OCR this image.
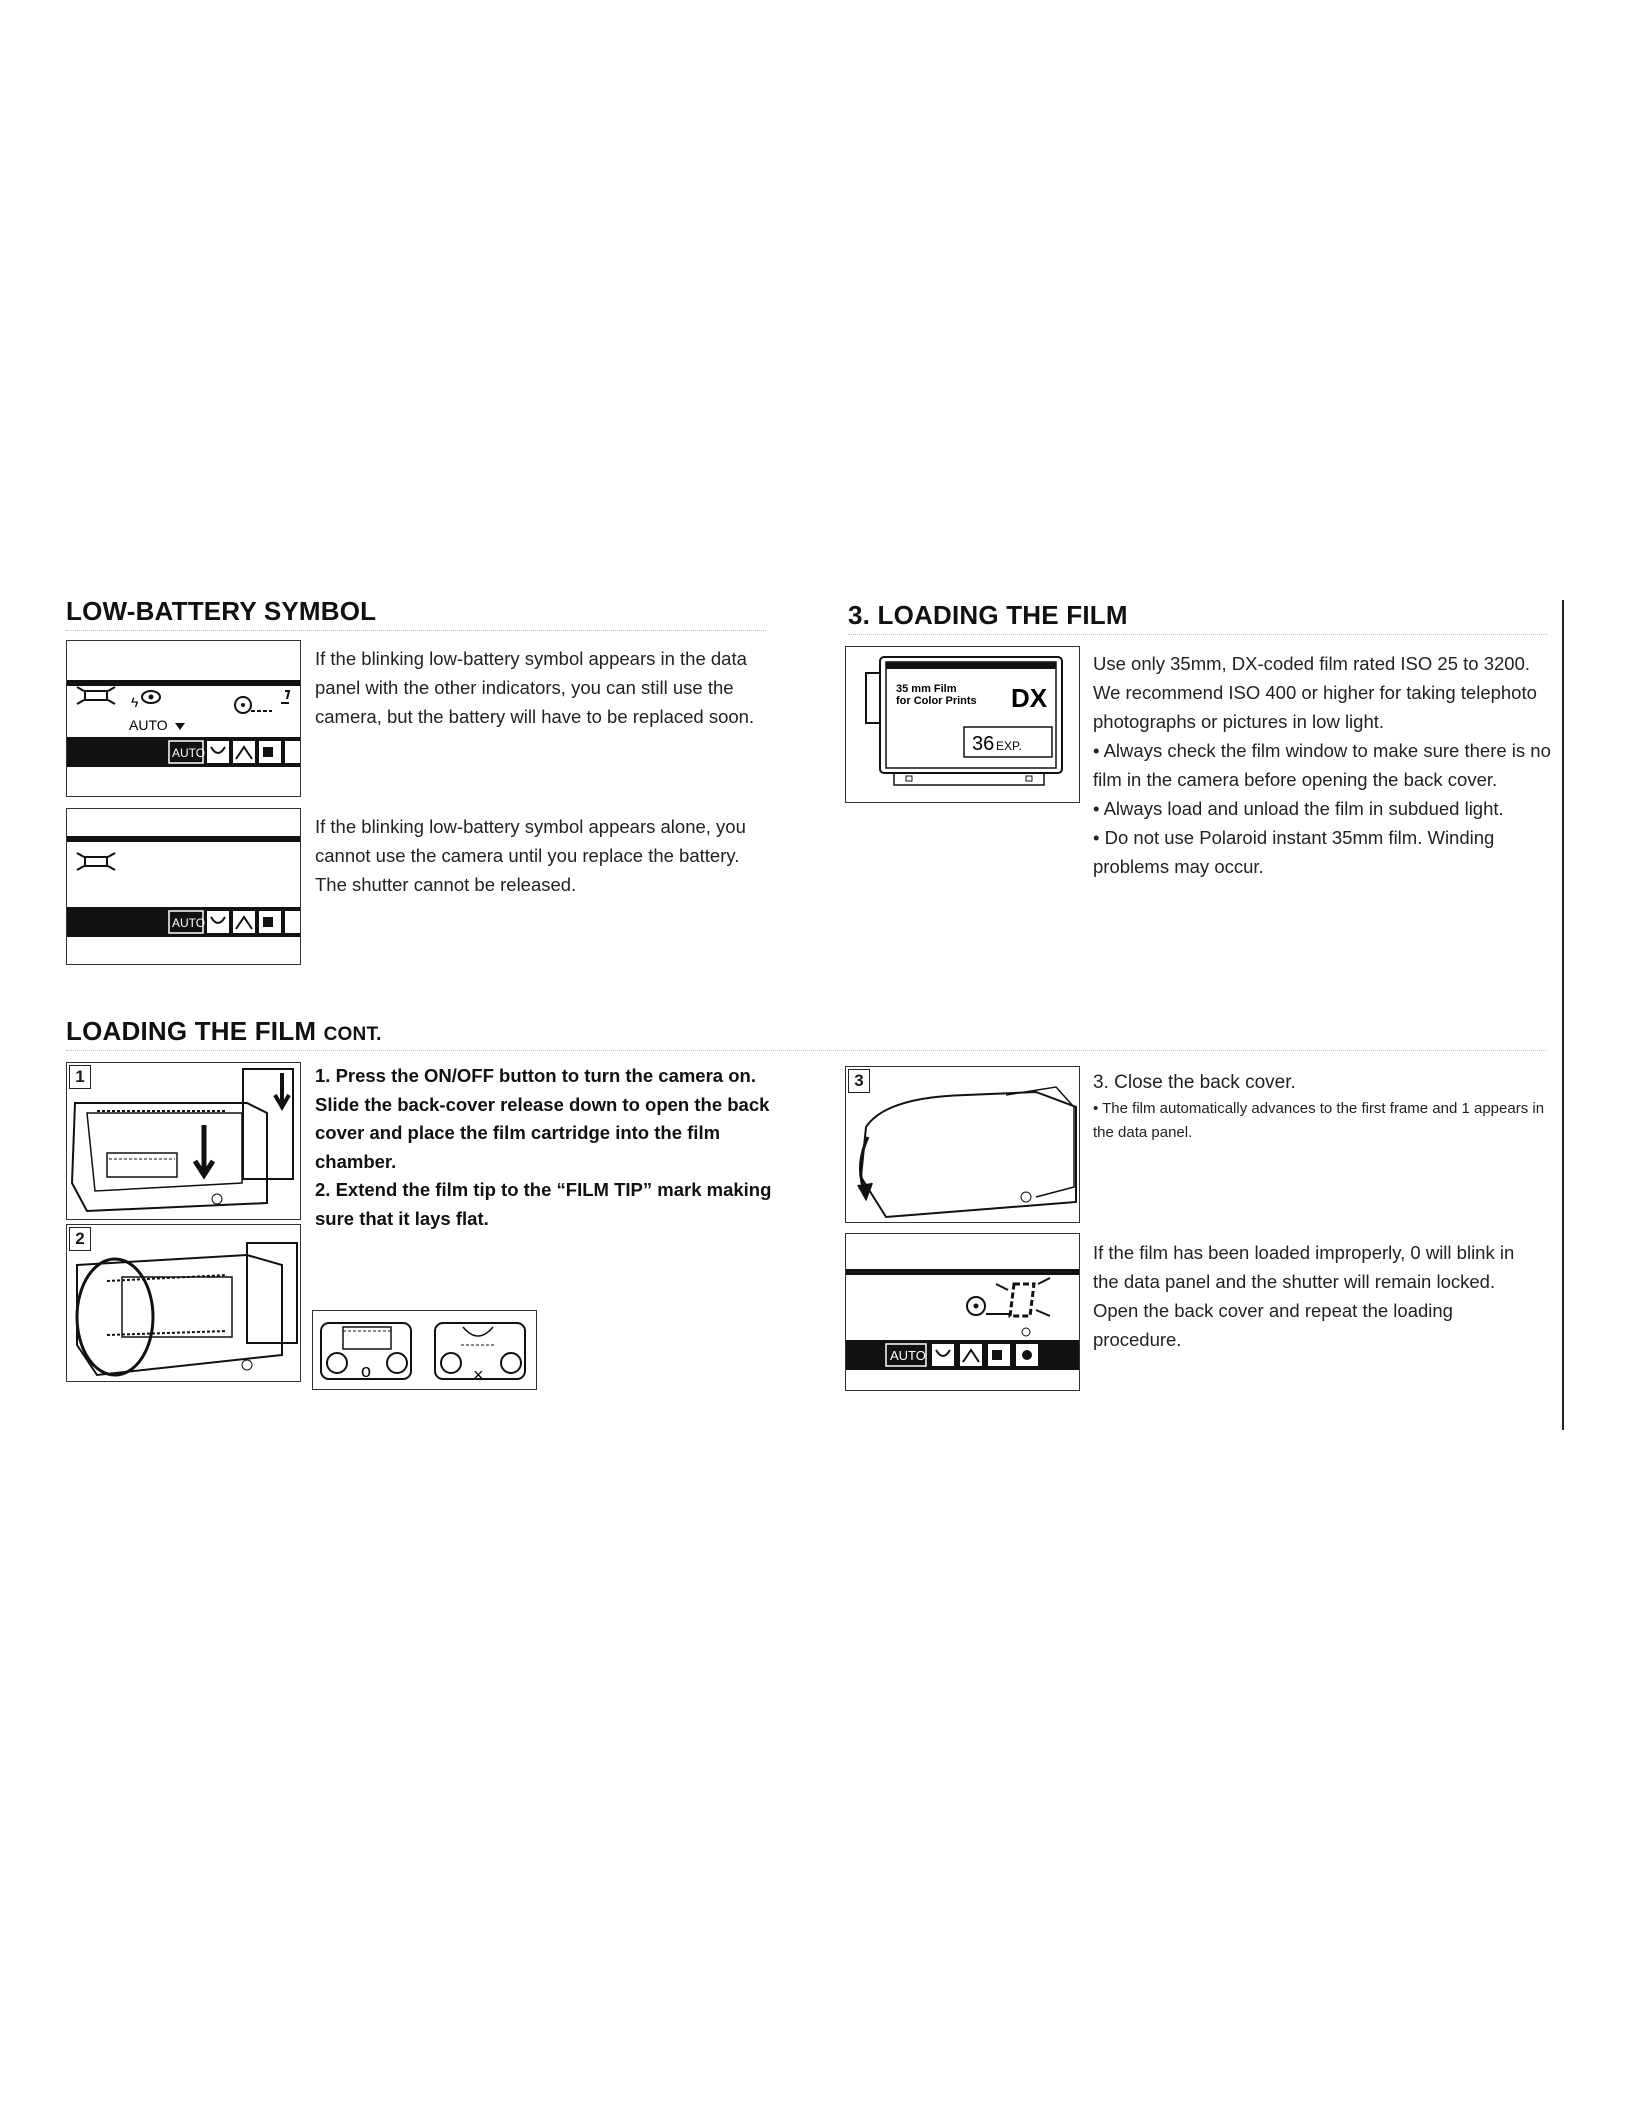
LOW-BATTERY SYMBOL
ϟ
AUTO
AUTO
If the blinking low-battery symbol appears in the data panel with the other indicators, you can still use the camera, but the battery will have to be replaced soon.
AUTO
If the blinking low-battery symbol appears alone, you cannot use the camera until you replace the battery. The shutter cannot be released.
3. LOADING THE FILM
35 mm Film
for Color Prints DX
36 EXP.

Use only 35mm, DX-coded film rated ISO 25 to 3200. We recommend ISO 400 or higher for taking telephoto photographs or pictures in low light.

• Always check the film window to make sure there is no film in the camera before opening the back cover.

• Always load and unload the film in subdued light.

• Do not use Polaroid instant 35mm film. Winding problems may occur.

LOADING THE FILM CONT.
1
2

1. Press the ON/OFF button to turn the camera on. Slide the back-cover release down to open the back cover and place the film cartridge into the film chamber.

2. Extend the film tip to the “FILM TIP” mark making sure that it lays flat.

o	×
3	3. Close the back cover.
• The film automatically advances to the first frame and 1 appears in the data panel.
AUTO
If the film has been loaded improperly, 0 will blink in the data panel and the shutter will remain locked. Open the back cover and repeat the loading procedure.
